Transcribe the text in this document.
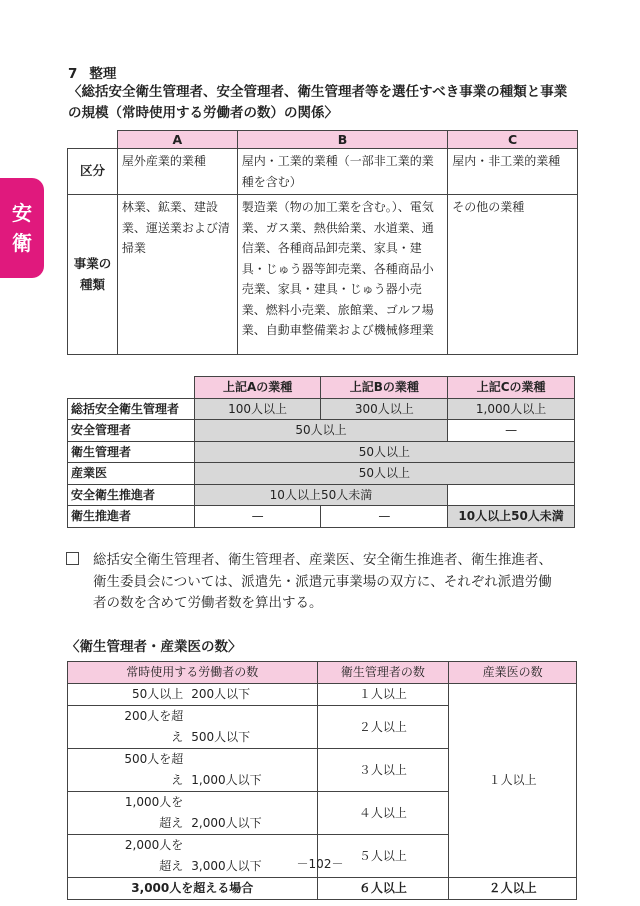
安
衛
7 整理
〈総括安全衛生管理者、安全管理者、衛生管理者等を選任すべき事業の種類と事業の規模（常時使用する労働者の数）の関係〉
	A	B	C
区分	屋外産業的業種	屋内・工業的業種（一部非工業的業種を含む）	屋内・非工業的業種
事業の種類	林業、鉱業、建設業、運送業および清掃業	製造業（物の加工業を含む。）、電気業、ガス業、熱供給業、水道業、通信業、各種商品卸売業、家具・建具・じゅう器等卸売業、各種商品小売業、家具・建具・じゅう器小売業、燃料小売業、旅館業、ゴルフ場業、自動車整備業および機械修理業	その他の業種
	上記Aの業種	上記Bの業種	上記Cの業種
総括安全衛生管理者	100人以上	300人以上	1,000人以上
安全管理者	50人以上		—
衛生管理者	50人以上		
産業医	50人以上		
安全衛生推進者	10人以上50人未満		
衛生推進者	—	—	10人以上50人未満
総括安全衛生管理者、衛生管理者、産業医、安全衛生推進者、衛生推進者、
衛生委員会については、派遣先・派遣元事業場の双方に、それぞれ派遣労働
者の数を含めて労働者数を算出する。
〈衛生管理者・産業医の数〉
常時使用する労働者の数	衛生管理者の数	産業医の数
50人以上 200人以下	１人以上	１人以上
200人を超え 500人以下	２人以上	
500人を超え 1,000人以下	３人以上	
1,000人を超え 2,000人以下	４人以上	
2,000人を超え 3,000人以下	５人以上	
3,000人を超える場合	６人以上	２人以上
－102－
